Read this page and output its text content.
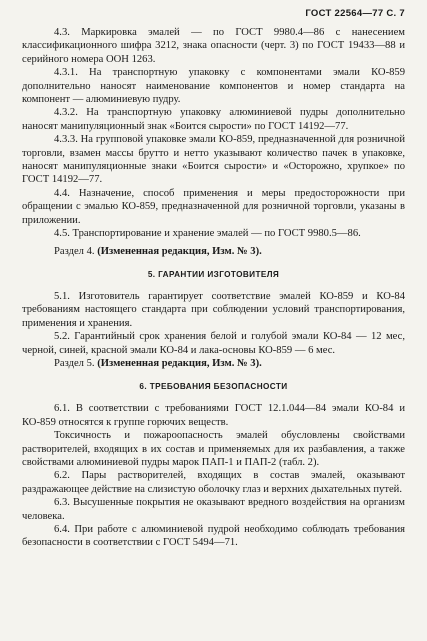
ГОСТ 22564—77 С. 7

4.3. Маркировка эмалей — по ГОСТ 9980.4—86 с нанесением классификационного шифра 3212, знака опасности (черт. 3) по ГОСТ 19433—88 и серийного номера ООН 1263.

4.3.1. На транспортную упаковку с компонентами эмали КО-859 дополнительно наносят наименование компонентов и номер стандарта на компонент — алюминиевую пудру.

4.3.2. На транспортную упаковку алюминиевой пудры дополнительно наносят манипуляционный знак «Боится сырости» по ГОСТ 14192—77.

4.3.3. На групповой упаковке эмали КО-859, предназначенной для розничной торговли, взамен массы брутто и нетто указывают количество пачек в упаковке, наносят манипуляционные знаки «Боится сырости» и «Осторожно, хрупкое» по ГОСТ 14192—77.

4.4. Назначение, способ применения и меры предосторожности при обращении с эмалью КО-859, предназначенной для розничной торговли, указаны в приложении.

4.5. Транспортирование и хранение эмалей — по ГОСТ 9980.5—86.

Раздел 4. (Измененная редакция, Изм. № 3).

5. ГАРАНТИИ ИЗГОТОВИТЕЛЯ

5.1. Изготовитель гарантирует соответствие эмалей КО-859 и КО-84 требованиям настоящего стандарта при соблюдении условий транспортирования, применения и хранения.

5.2. Гарантийный срок хранения белой и голубой эмали КО-84 — 12 мес, черной, синей, красной эмали КО-84 и лака-основы КО-859 — 6 мес.

Раздел 5. (Измененная редакция, Изм. № 3).

6. ТРЕБОВАНИЯ БЕЗОПАСНОСТИ

6.1. В соответствии с требованиями ГОСТ 12.1.044—84 эмали КО-84 и КО-859 относятся к группе горючих веществ.

Токсичность и пожароопасность эмалей обусловлены свойствами растворителей, входящих в их состав и применяемых для их разбавления, а также свойствами алюминиевой пудры марок ПАП-1 и ПАП-2 (табл. 2).

6.2. Пары растворителей, входящих в состав эмалей, оказывают раздражающее действие на слизистую оболочку глаз и верхних дыхательных путей.

6.3. Высушенные покрытия не оказывают вредного воздействия на организм человека.

6.4. При работе с алюминиевой пудрой необходимо соблюдать требования безопасности в соответствии с ГОСТ 5494—71.
